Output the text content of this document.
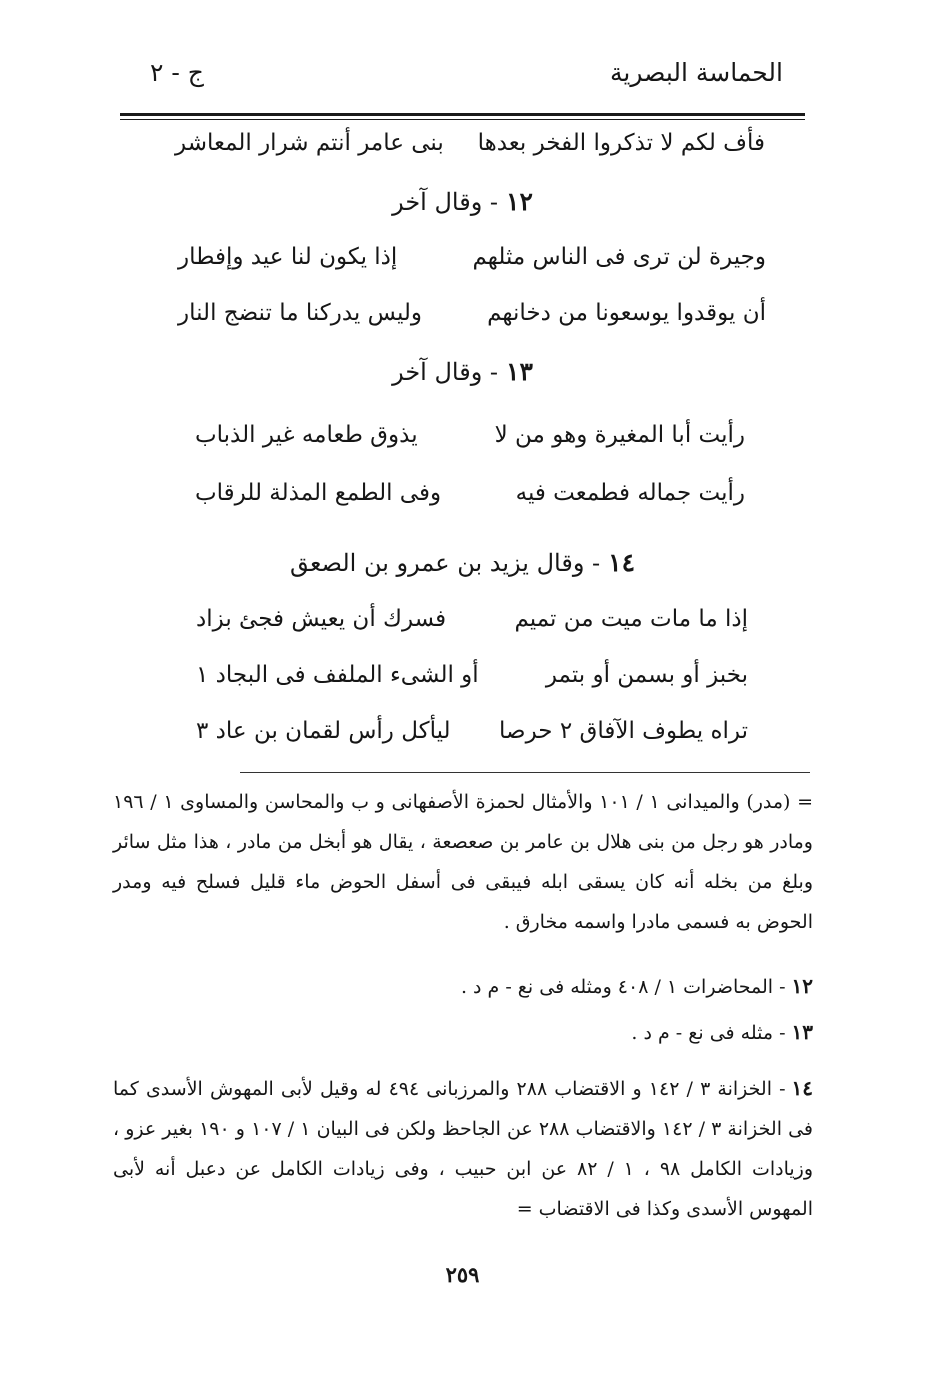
الحماسة البصرية
ج - ٢
فأف لكم لا تذكروا الفخر بعدها
بنى عامر أنتم شرار المعاشر
١٢- وقال آخر
وجيرة لن ترى فى الناس مثلهم
إذا يكون لنا عيد وإفطار
أن يوقدوا يوسعونا من دخانهم
وليس يدركنا ما تنضج النار
١٣- وقال آخر
رأيت أبا المغيرة وهو من لا
يذوق طعامه غير الذباب
رأيت جماله فطمعت فيه
وفى الطمع المذلة للرقاب
١٤- وقال يزيد بن عمرو بن الصعق
إذا ما مات ميت من تميم
فسرك أن يعيش فجئ بزاد
بخبز أو بسمن أو بتمر
أو الشىء الملفف فى البجاد ١
تراه يطوف الآفاق ٢ حرصا
ليأكل رأس لقمان بن عاد ٣
= (مدر) والميدانى ١ / ١٠١ والأمثال لحمزة الأصفهانى و ب والمحاسن والمساوى ١ / ١٩٦ ومادر هو رجل من بنى هلال بن عامر بن صعصعة ، يقال هو أبخل من مادر ، هذا مثل سائر وبلغ من بخله أنه كان يسقى ابله فيبقى فى أسفل الحوض ماء قليل فسلح فيه ومدر الحوض به فسمى مادرا واسمه مخارق .
١٢- المحاضرات ١ / ٤٠٨ ومثله فى نع - م د .
١٣- مثله فى نع - م د .
١٤- الخزانة ٣ / ١٤٢ و الاقتضاب ٢٨٨ والمرزبانى ٤٩٤ له وقيل لأبى المهوش الأسدى كما فى الخزانة ٣ / ١٤٢ والاقتضاب ٢٨٨ عن الجاحظ ولكن فى البيان ١ / ١٠٧ و ١٩٠ بغير عزو ، وزيادات الكامل ٩٨ ، ١ / ٨٢ عن ابن حبيب ، وفى زيادات الكامل عن دعبل أنه لأبى المهوس الأسدى وكذا فى الاقتضاب =
٢٥٩
